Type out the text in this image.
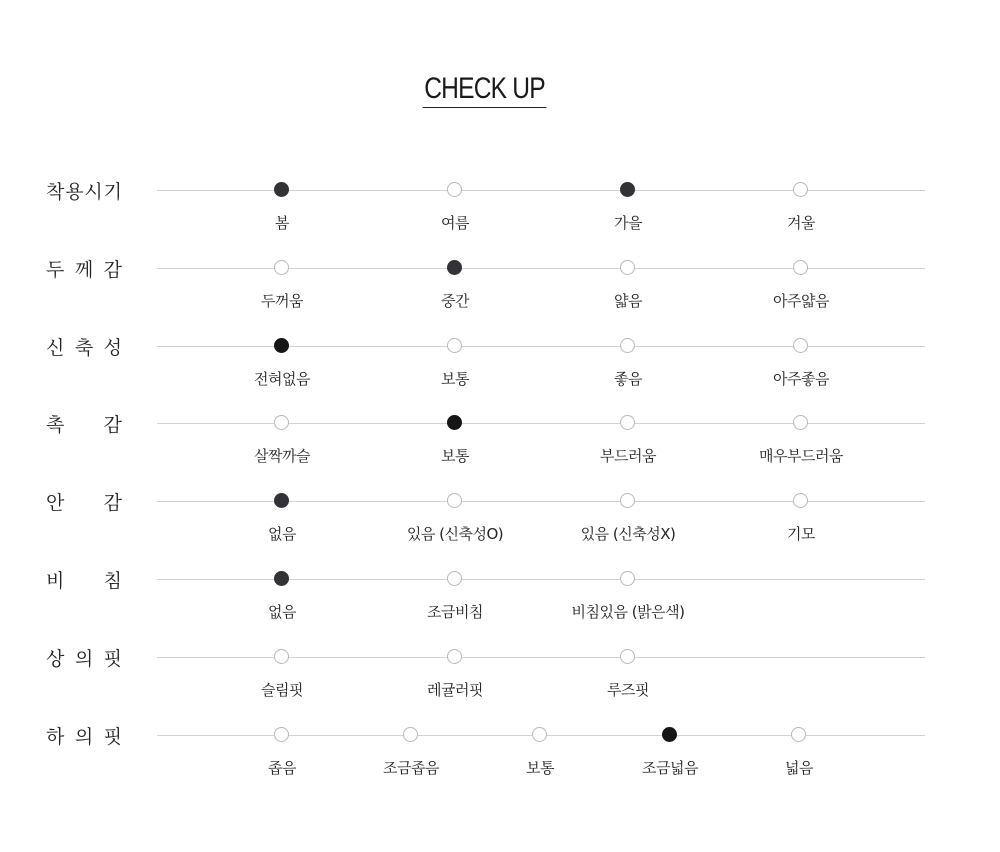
CHECK UP
착 용 시 기
봄	여름	가을	겨울
두 께 감
두꺼움	중간	얇음	아주얇음
신 축 성
전혀없음	보통	좋음	아주좋음
촉 감
살짝까슬	보통	부드러움	매우부드러움
안 감
없음	있음 (신축성O)	있음 (신축성X)	기모
비 침
없음	조금비침	비침있음 (밝은색)
상 의 핏
슬림핏	레귤러핏	루즈핏
하 의 핏
좁음	조금좁음	보통	조금넓음	넓음
